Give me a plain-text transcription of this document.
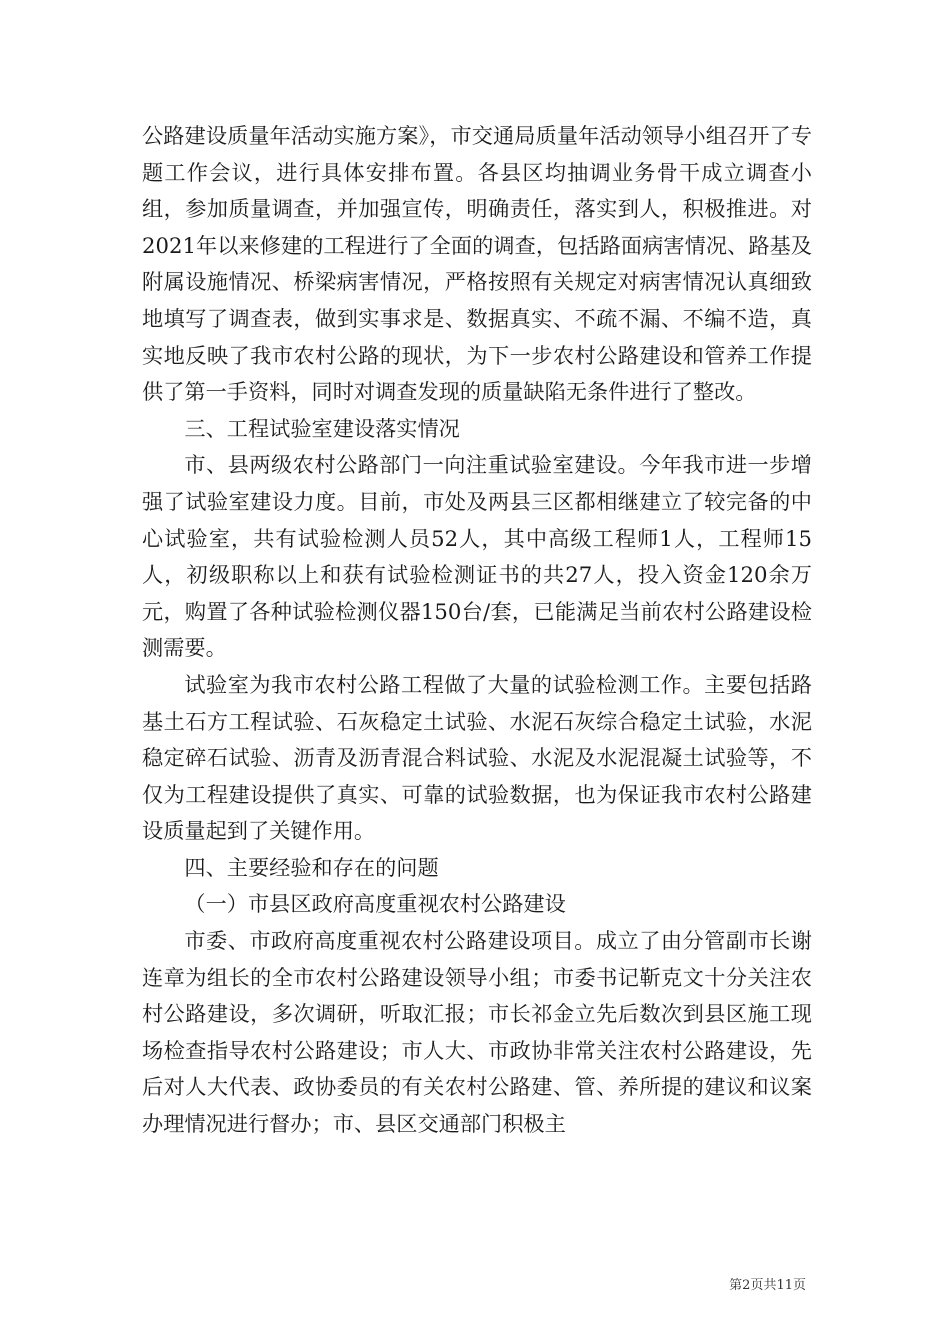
公路建设质量年活动实施方案》，市交通局质量年活动领导小组召开了专题工作会议，进行具体安排布置。各县区均抽调业务骨干成立调查小组，参加质量调查，并加强宣传，明确责任，落实到人，积极推进。对2021年以来修建的工程进行了全面的调查，包括路面病害情况、路基及附属设施情况、桥梁病害情况，严格按照有关规定对病害情况认真细致地填写了调查表，做到实事求是、数据真实、不疏不漏、不编不造，真实地反映了我市农村公路的现状，为下一步农村公路建设和管养工作提供了第一手资料，同时对调查发现的质量缺陷无条件进行了整改。

三、工程试验室建设落实情况

市、县两级农村公路部门一向注重试验室建设。今年我市进一步增强了试验室建设力度。目前，市处及两县三区都相继建立了较完备的中心试验室，共有试验检测人员52人，其中高级工程师1人，工程师15人，初级职称以上和获有试验检测证书的共27人，投入资金120余万元，购置了各种试验检测仪器150台/套，已能满足当前农村公路建设检测需要。

试验室为我市农村公路工程做了大量的试验检测工作。主要包括路基土石方工程试验、石灰稳定土试验、水泥石灰综合稳定土试验，水泥稳定碎石试验、沥青及沥青混合料试验、水泥及水泥混凝土试验等，不仅为工程建设提供了真实、可靠的试验数据，也为保证我市农村公路建设质量起到了关键作用。

四、主要经验和存在的问题

（一）市县区政府高度重视农村公路建设

市委、市政府高度重视农村公路建设项目。成立了由分管副市长谢连章为组长的全市农村公路建设领导小组；市委书记靳克文十分关注农村公路建设，多次调研，听取汇报；市长祁金立先后数次到县区施工现场检查指导农村公路建设；市人大、市政协非常关注农村公路建设，先后对人大代表、政协委员的有关农村公路建、管、养所提的建议和议案办理情况进行督办；市、县区交通部门积极主

第2页共11页
